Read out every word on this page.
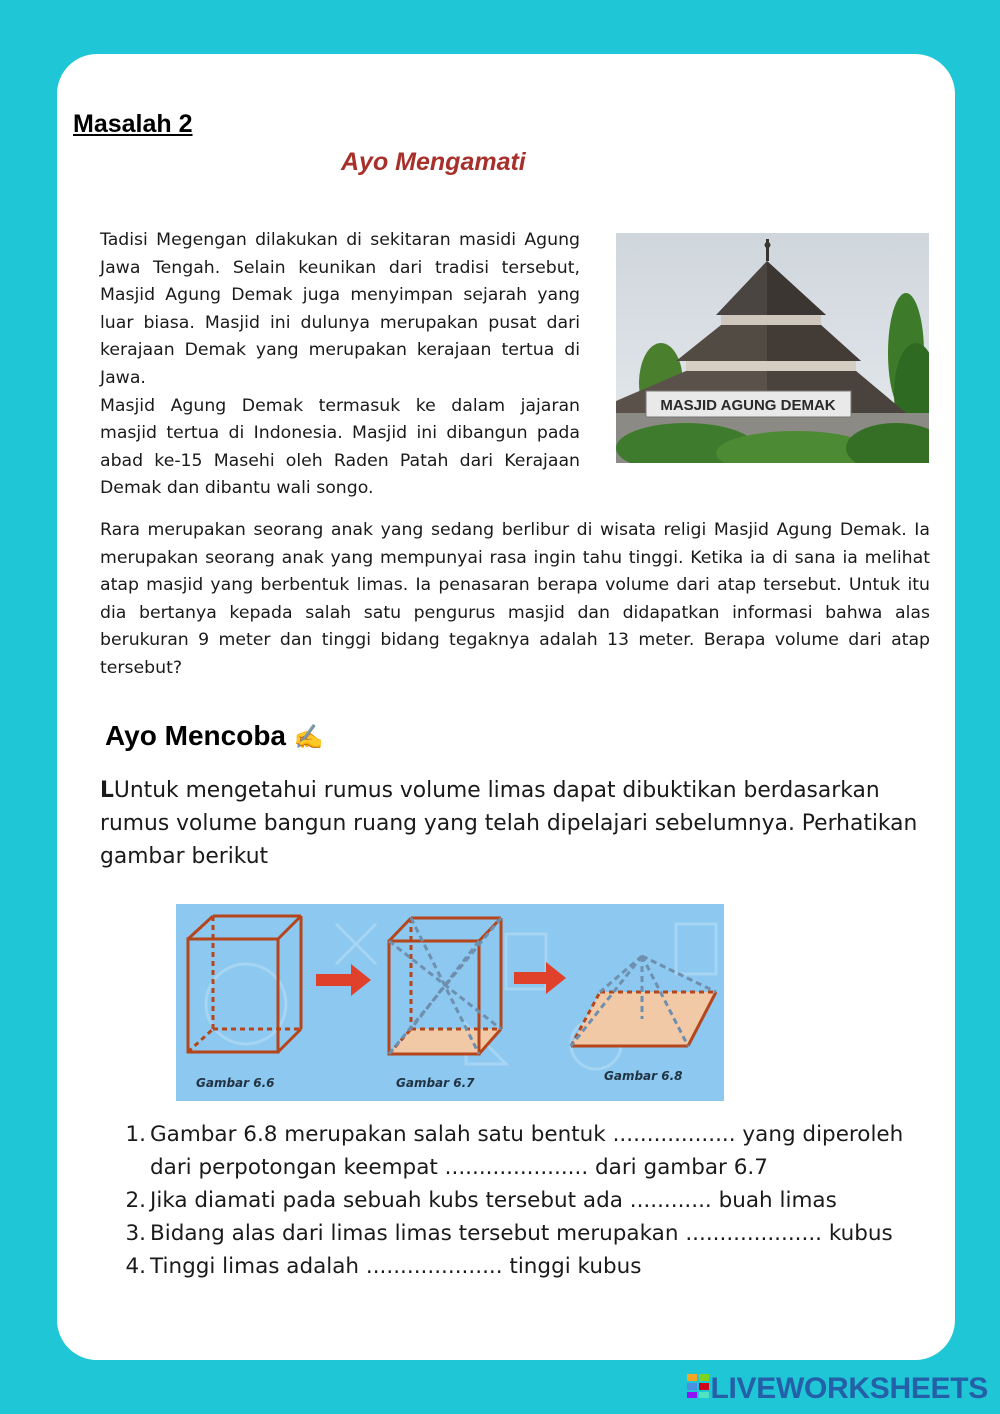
Masalah 2
Ayo Mengamati

Tadisi Megengan dilakukan di sekitaran masidi Agung Jawa Tengah. Selain keunikan dari tradisi tersebut, Masjid Agung Demak juga menyimpan sejarah yang luar biasa. Masjid ini dulunya merupakan pusat dari kerajaan Demak yang merupakan kerajaan tertua di Jawa.

Masjid Agung Demak termasuk ke dalam jajaran masjid tertua di Indonesia. Masjid ini dibangun pada abad ke-15 Masehi oleh Raden Patah dari Kerajaan Demak dan dibantu wali songo.

MASJID AGUNG DEMAK

Rara merupakan seorang anak yang sedang berlibur di wisata religi Masjid Agung Demak. Ia merupakan seorang anak yang mempunyai rasa ingin tahu tinggi. Ketika ia di sana ia melihat atap masjid yang berbentuk limas. Ia penasaran berapa volume dari atap tersebut. Untuk itu dia bertanya kepada salah satu pengurus masjid dan didapatkan informasi bahwa alas berukuran 9 meter dan tinggi bidang tegaknya adalah 13 meter. Berapa volume dari atap tersebut?

Ayo Mencoba ✍
LUntuk mengetahui rumus volume limas dapat dibuktikan berdasarkan rumus volume bangun ruang yang telah dipelajari sebelumnya. Perhatikan gambar berikut
Gambar 6.6	Gambar 6.7	Gambar 6.8
1. Gambar 6.8 merupakan salah satu bentuk .................. yang diperoleh dari perpotongan keempat ..................... dari gambar 6.7
2. Jika diamati pada sebuah kubs tersebut ada ............ buah limas
3. Bidang alas dari limas limas tersebut merupakan .................... kubus
4. Tinggi limas adalah .................... tinggi kubus
LIVEWORKSHEETS
